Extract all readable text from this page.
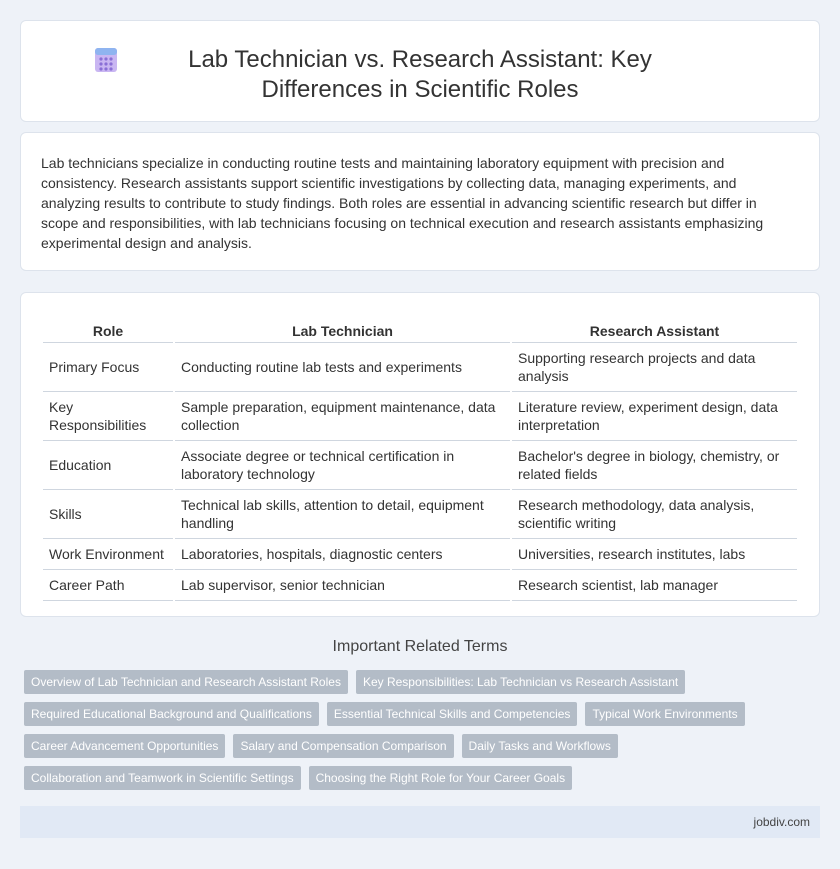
Lab Technician vs. Research Assistant: Key Differences in Scientific Roles

Lab technicians specialize in conducting routine tests and maintaining laboratory equipment with precision and consistency. Research assistants support scientific investigations by collecting data, managing experiments, and analyzing results to contribute to study findings. Both roles are essential in advancing scientific research but differ in scope and responsibilities, with lab technicians focusing on technical execution and research assistants emphasizing experimental design and analysis.

Role	Lab Technician	Research Assistant
Primary Focus	Conducting routine lab tests and experiments	Supporting research projects and data analysis
Key Responsibilities	Sample preparation, equipment maintenance, data collection	Literature review, experiment design, data interpretation
Education	Associate degree or technical certification in laboratory technology	Bachelor's degree in biology, chemistry, or related fields
Skills	Technical lab skills, attention to detail, equipment handling	Research methodology, data analysis, scientific writing
Work Environment	Laboratories, hospitals, diagnostic centers	Universities, research institutes, labs
Career Path	Lab supervisor, senior technician	Research scientist, lab manager
Important Related Terms
Overview of Lab Technician and Research Assistant Roles	Key Responsibilities: Lab Technician vs Research Assistant
Required Educational Background and Qualifications	Essential Technical Skills and Competencies	Typical Work Environments
Career Advancement Opportunities	Salary and Compensation Comparison	Daily Tasks and Workflows
Collaboration and Teamwork in Scientific Settings	Choosing the Right Role for Your Career Goals
jobdiv.com
